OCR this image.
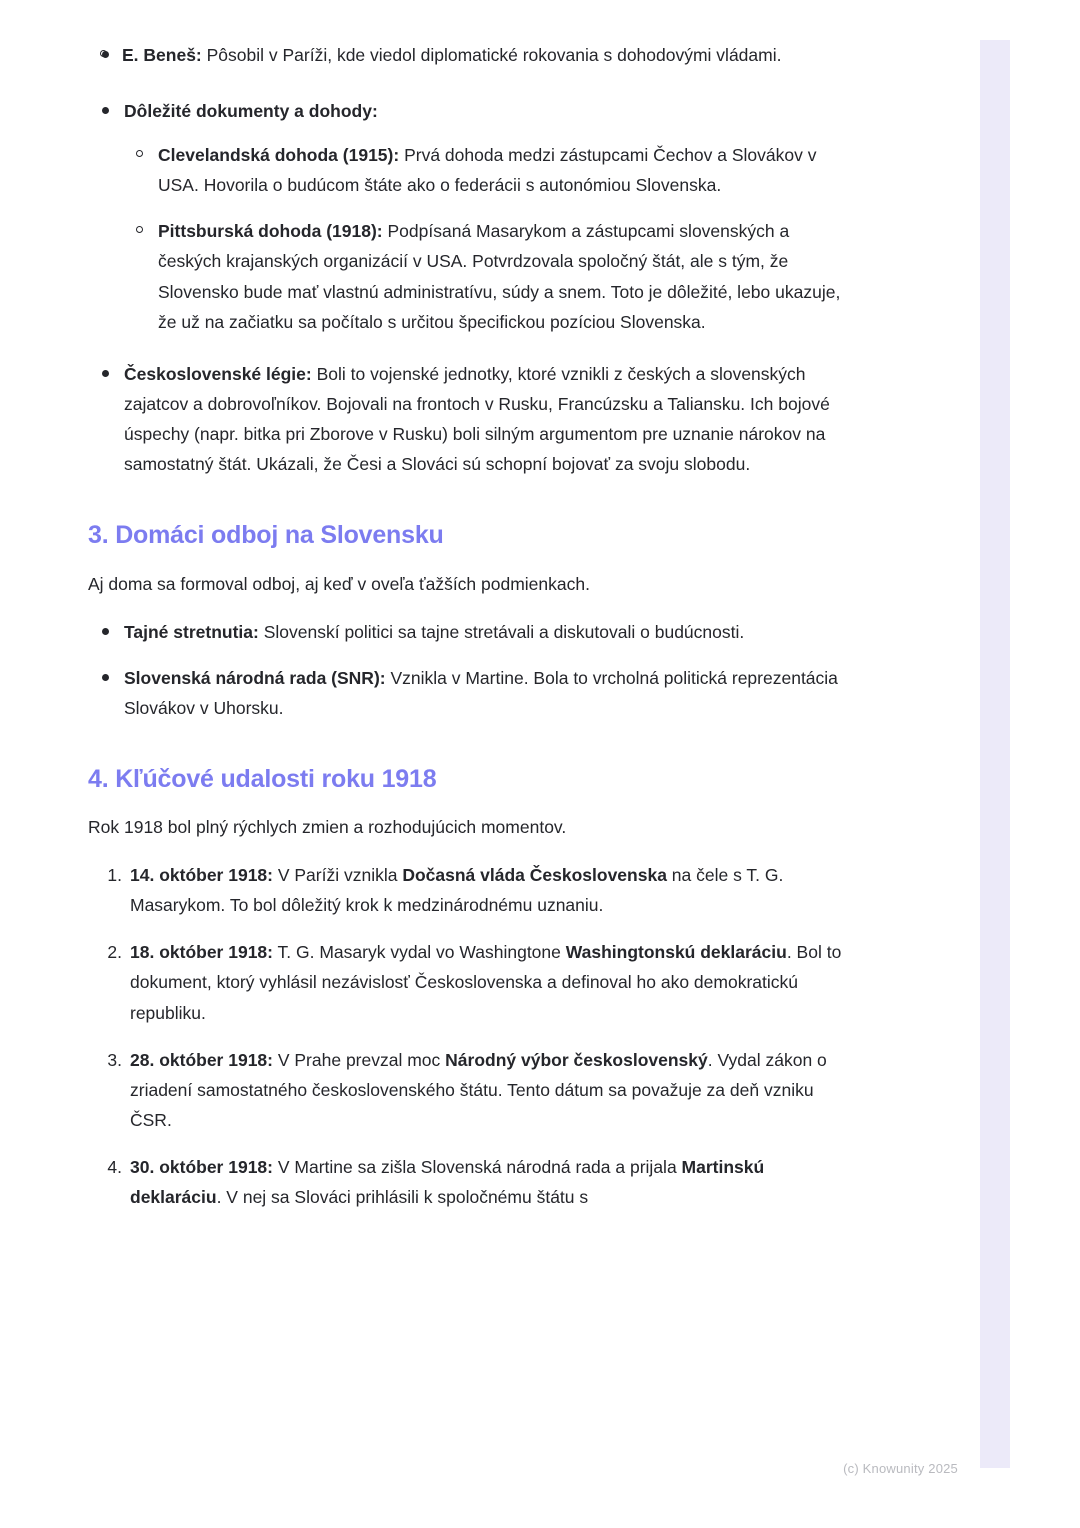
E. Beneš: Pôsobil v Paríži, kde viedol diplomatické rokovania s dohodovými vládami.
Dôležité dokumenty a dohody:
Clevelandská dohoda (1915): Prvá dohoda medzi zástupcami Čechov a Slovákov v USA. Hovorila o budúcom štáte ako o federácii s autonómiou Slovenska.
Pittsburská dohoda (1918): Podpísaná Masarykom a zástupcami slovenských a českých krajanských organizácií v USA. Potvrdzovala spoločný štát, ale s tým, že Slovensko bude mať vlastnú administratívu, súdy a snem. Toto je dôležité, lebo ukazuje, že už na začiatku sa počítalo s určitou špecifickou pozíciou Slovenska.
Československé légie: Boli to vojenské jednotky, ktoré vznikli z českých a slovenských zajatcov a dobrovoľníkov. Bojovali na frontoch v Rusku, Francúzsku a Taliansku. Ich bojové úspechy (napr. bitka pri Zborove v Rusku) boli silným argumentom pre uznanie nárokov na samostatný štát. Ukázali, že Česi a Slováci sú schopní bojovať za svoju slobodu.
3. Domáci odboj na Slovensku

Aj doma sa formoval odboj, aj keď v oveľa ťažších podmienkach.

Tajné stretnutia: Slovenskí politici sa tajne stretávali a diskutovali o budúcnosti.
Slovenská národná rada (SNR): Vznikla v Martine. Bola to vrcholná politická reprezentácia Slovákov v Uhorsku.
4. Kľúčové udalosti roku 1918

Rok 1918 bol plný rýchlych zmien a rozhodujúcich momentov.

14. október 1918: V Paríži vznikla Dočasná vláda Československa na čele s T. G. Masarykom. To bol dôležitý krok k medzinárodnému uznaniu.
18. október 1918: T. G. Masaryk vydal vo Washingtone Washingtonskú deklaráciu. Bol to dokument, ktorý vyhlásil nezávislosť Československa a definoval ho ako demokratickú republiku.
28. október 1918: V Prahe prevzal moc Národný výbor československý. Vydal zákon o zriadení samostatného československého štátu. Tento dátum sa považuje za deň vzniku ČSR.
30. október 1918: V Martine sa zišla Slovenská národná rada a prijala Martinskú deklaráciu. V nej sa Slováci prihlásili k spoločnému štátu s
(c) Knowunity 2025
